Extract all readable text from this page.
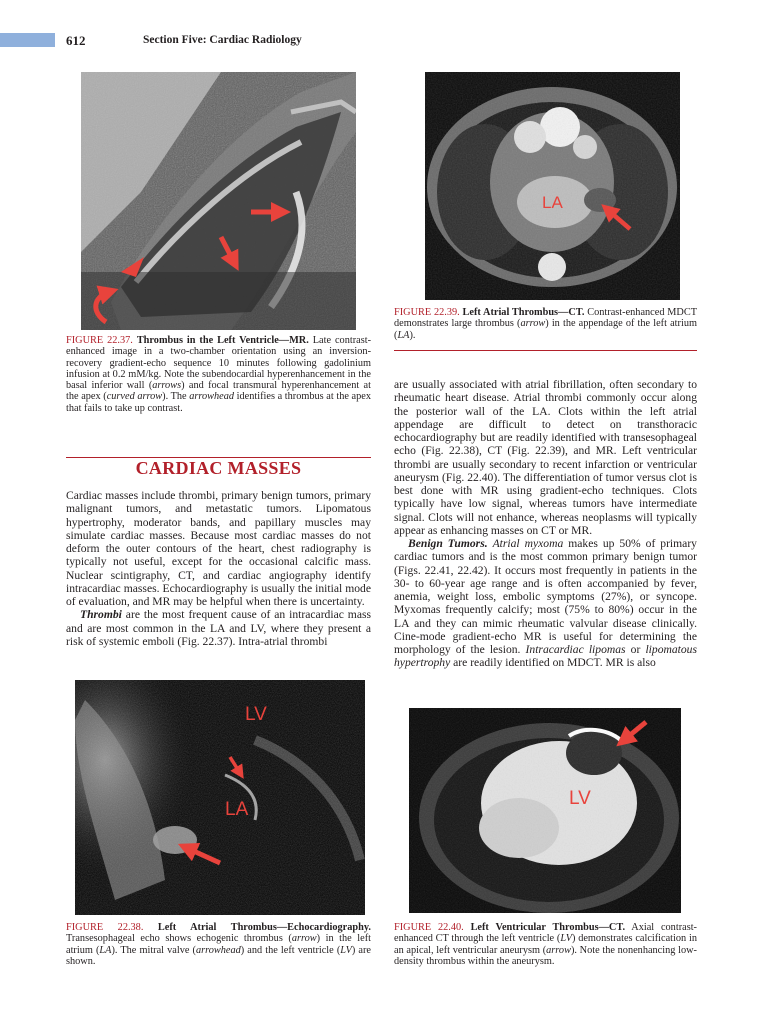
612	Section Five: Cardiac Radiology

FIGURE 22.37. Thrombus in the Left Ventricle—MR. Late contrast-enhanced image in a two-chamber orientation using an inversion-recovery gradient-echo sequence 10 minutes following gadolinium infusion at 0.2 mM/kg. Note the subendocardial hyperenhancement in the basal inferior wall (arrows) and focal transmural hyperenhancement at the apex (curved arrow). The arrowhead identifies a thrombus at the apex that fails to take up contrast.

LA

FIGURE 22.39. Left Atrial Thrombus—CT. Contrast-enhanced MDCT demonstrates large thrombus (arrow) in the appendage of the left atrium (LA).

CARDIAC MASSES

Cardiac masses include thrombi, primary benign tumors, primary malignant tumors, and metastatic tumors. Lipomatous hypertrophy, moderator bands, and papillary muscles may simulate cardiac masses. Because most cardiac masses do not deform the outer contours of the heart, chest radiography is typically not useful, except for the occasional calcific mass. Nuclear scintigraphy, CT, and cardiac angiography identify intracardiac masses. Echocardiography is usually the initial mode of evaluation, and MR may be helpful when there is uncertainty.

Thrombi are the most frequent cause of an intracardiac mass and are most common in the LA and LV, where they present a risk of systemic emboli (Fig. 22.37). Intra-atrial thrombi

are usually associated with atrial fibrillation, often secondary to rheumatic heart disease. Atrial thrombi commonly occur along the posterior wall of the LA. Clots within the left atrial appendage are difficult to detect on transthoracic echocardiography but are readily identified with transesophageal echo (Fig. 22.38), CT (Fig. 22.39), and MR. Left ventricular thrombi are usually secondary to recent infarction or ventricular aneurysm (Fig. 22.40). The differentiation of tumor versus clot is best done with MR using gradient-echo techniques. Clots typically have low signal, whereas tumors have intermediate signal. Clots will not enhance, whereas neoplasms will typically appear as enhancing masses on CT or MR.

Benign Tumors. Atrial myxoma makes up 50% of primary cardiac tumors and is the most common primary benign tumor (Figs. 22.41, 22.42). It occurs most frequently in patients in the 30- to 60-year age range and is often accompanied by fever, anemia, weight loss, embolic symptoms (27%), or syncope. Myxomas frequently calcify; most (75% to 80%) occur in the LA and they can mimic rheumatic valvular disease clinically. Cine-mode gradient-echo MR is useful for determining the morphology of the lesion. Intracardiac lipomas or lipomatous hypertrophy are readily identified on MDCT. MR is also

LV
LA

FIGURE 22.38. Left Atrial Thrombus—Echocardiography. Transesophageal echo shows echogenic thrombus (arrow) in the left atrium (LA). The mitral valve (arrowhead) and the left ventricle (LV) are shown.

LV

FIGURE 22.40. Left Ventricular Thrombus—CT. Axial contrast-enhanced CT through the left ventricle (LV) demonstrates calcification in an apical, left ventricular aneurysm (arrow). Note the nonenhancing low-density thrombus within the aneurysm.
